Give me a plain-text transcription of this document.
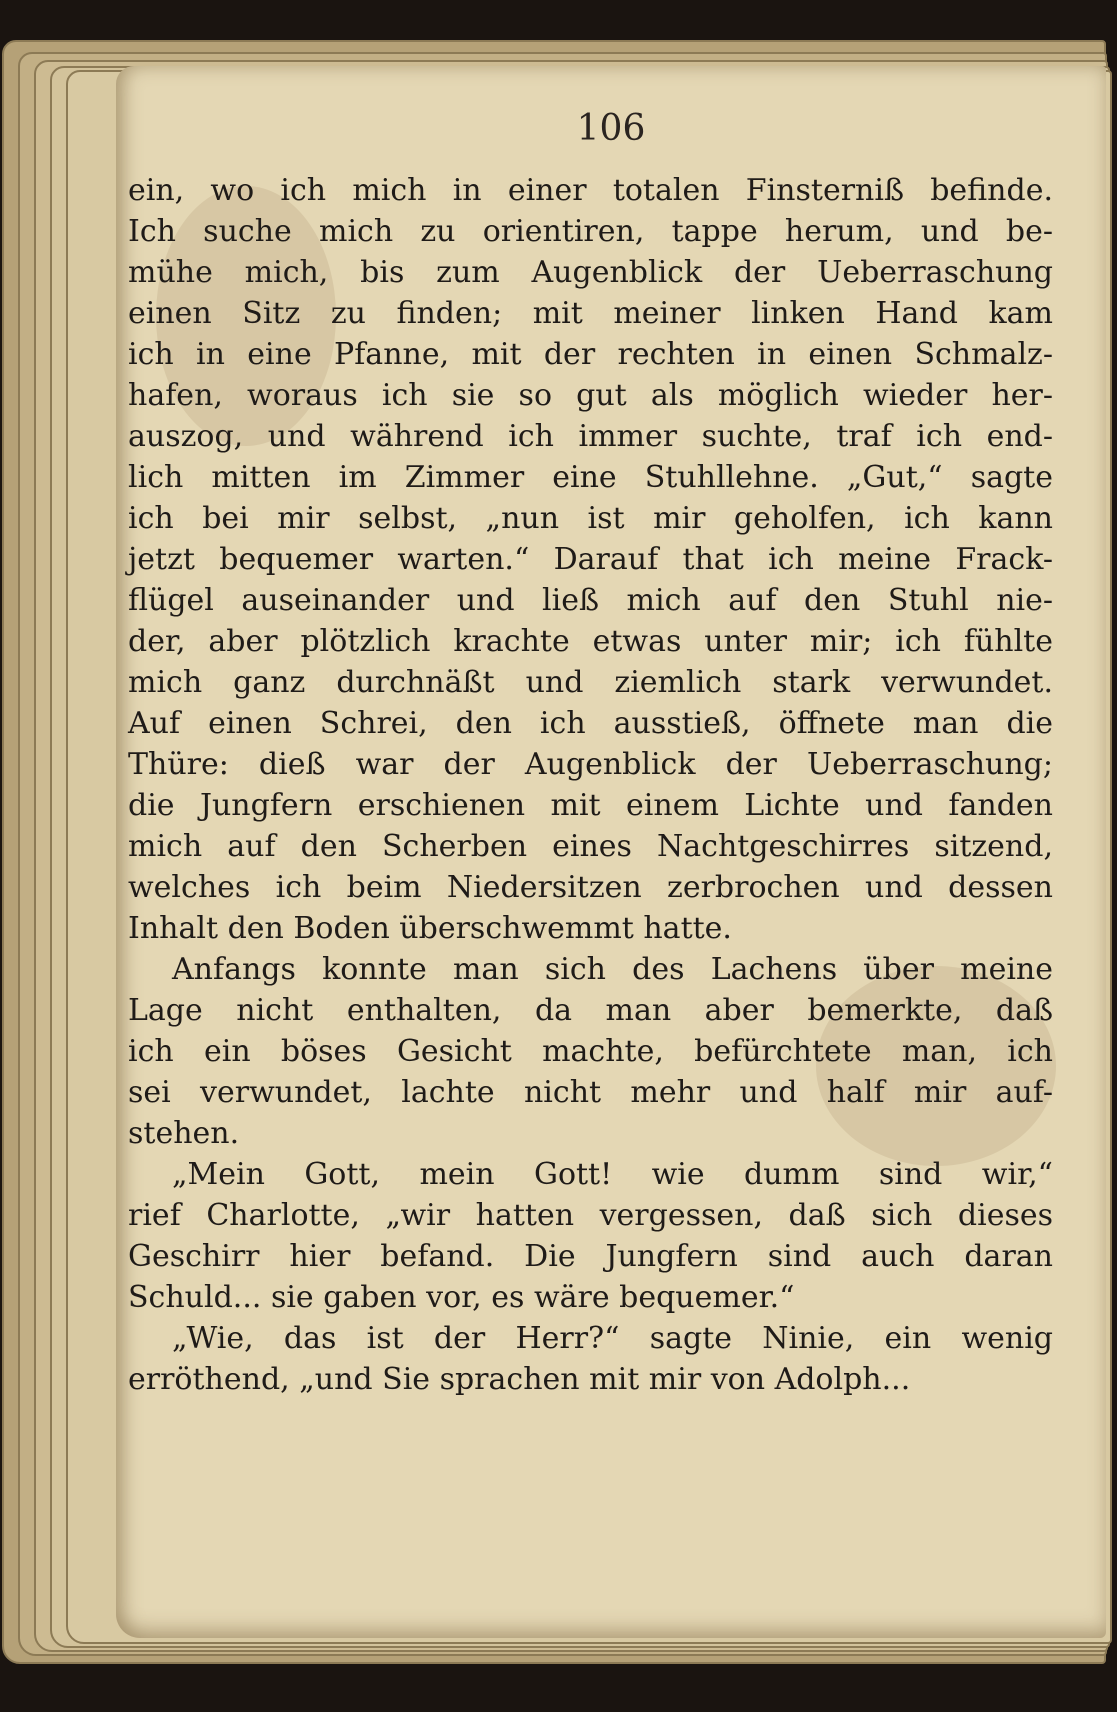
106
ein, wo ich mich in einer totalen Finsterniß befinde.
Ich suche mich zu orientiren, tappe herum, und be-
mühe mich, bis zum Augenblick der Ueberraschung
einen Sitz zu finden; mit meiner linken Hand kam
ich in eine Pfanne, mit der rechten in einen Schmalz-
hafen, woraus ich sie so gut als möglich wieder her-
auszog, und während ich immer suchte, traf ich end-
lich mitten im Zimmer eine Stuhllehne. „Gut,“ sagte
ich bei mir selbst, „nun ist mir geholfen, ich kann
jetzt bequemer warten.“ Darauf that ich meine Frack-
flügel auseinander und ließ mich auf den Stuhl nie-
der, aber plötzlich krachte etwas unter mir; ich fühlte
mich ganz durchnäßt und ziemlich stark verwundet.
Auf einen Schrei, den ich ausstieß, öffnete man die
Thüre: dieß war der Augenblick der Ueberraschung;
die Jungfern erschienen mit einem Lichte und fanden
mich auf den Scherben eines Nachtgeschirres sitzend,
welches ich beim Niedersitzen zerbrochen und dessen
Inhalt den Boden überschwemmt hatte.
Anfangs konnte man sich des Lachens über meine
Lage nicht enthalten, da man aber bemerkte, daß
ich ein böses Gesicht machte, befürchtete man, ich
sei verwundet, lachte nicht mehr und half mir auf-
stehen.
„Mein Gott, mein Gott! wie dumm sind wir,“
rief Charlotte, „wir hatten vergessen, daß sich dieses
Geschirr hier befand. Die Jungfern sind auch daran
Schuld... sie gaben vor, es wäre bequemer.“
„Wie, das ist der Herr?“ sagte Ninie, ein wenig
erröthend, „und Sie sprachen mit mir von Adolph...
